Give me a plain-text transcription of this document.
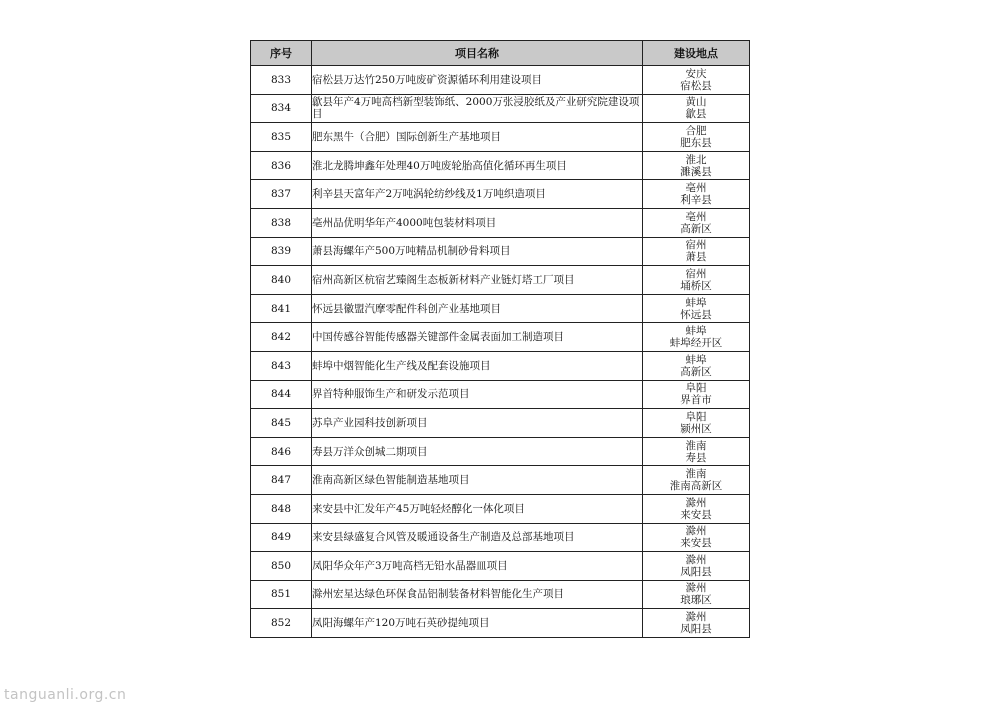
序号	项目名称	建设地点
833	宿松县万达竹250万吨废矿资源循环利用建设项目	安庆
宿松县

834	歙县年产4万吨高档新型装饰纸、2000万张浸胶纸及产业研究院建设项目	黄山
歙县

835	肥东黑牛（合肥）国际创新生产基地项目	合肥
肥东县

836	淮北龙腾坤鑫年处理40万吨废轮胎高值化循环再生项目	淮北
濉溪县

837	利辛县天富年产2万吨涡轮纺纱线及1万吨织造项目	亳州
利辛县

838	亳州品优明华年产4000吨包装材料项目	亳州
高新区

839	萧县海螺年产500万吨精品机制砂骨料项目	宿州
萧县

840	宿州高新区杭宿艺臻阁生态板新材料产业链灯塔工厂项目	宿州
埇桥区

841	怀远县徽盟汽摩零配件科创产业基地项目	蚌埠
怀远县

842	中国传感谷智能传感器关键部件金属表面加工制造项目	蚌埠
蚌埠经开区

843	蚌埠中烟智能化生产线及配套设施项目	蚌埠
高新区

844	界首特种服饰生产和研发示范项目	阜阳
界首市

845	苏阜产业园科技创新项目	阜阳
颍州区

846	寿县万洋众创城二期项目	淮南
寿县

847	淮南高新区绿色智能制造基地项目	淮南
淮南高新区

848	来安县中汇发年产45万吨轻烃醇化一体化项目	滁州
来安县

849	来安县绿盛复合风管及暖通设备生产制造及总部基地项目	滁州
来安县

850	凤阳华众年产3万吨高档无铅水晶器皿项目	滁州
凤阳县

851	滁州宏星达绿色环保食品铝制装备材料智能化生产项目	滁州
琅琊区

852	凤阳海螺年产120万吨石英砂提纯项目	滁州
凤阳县
tanguanli.org.cn
